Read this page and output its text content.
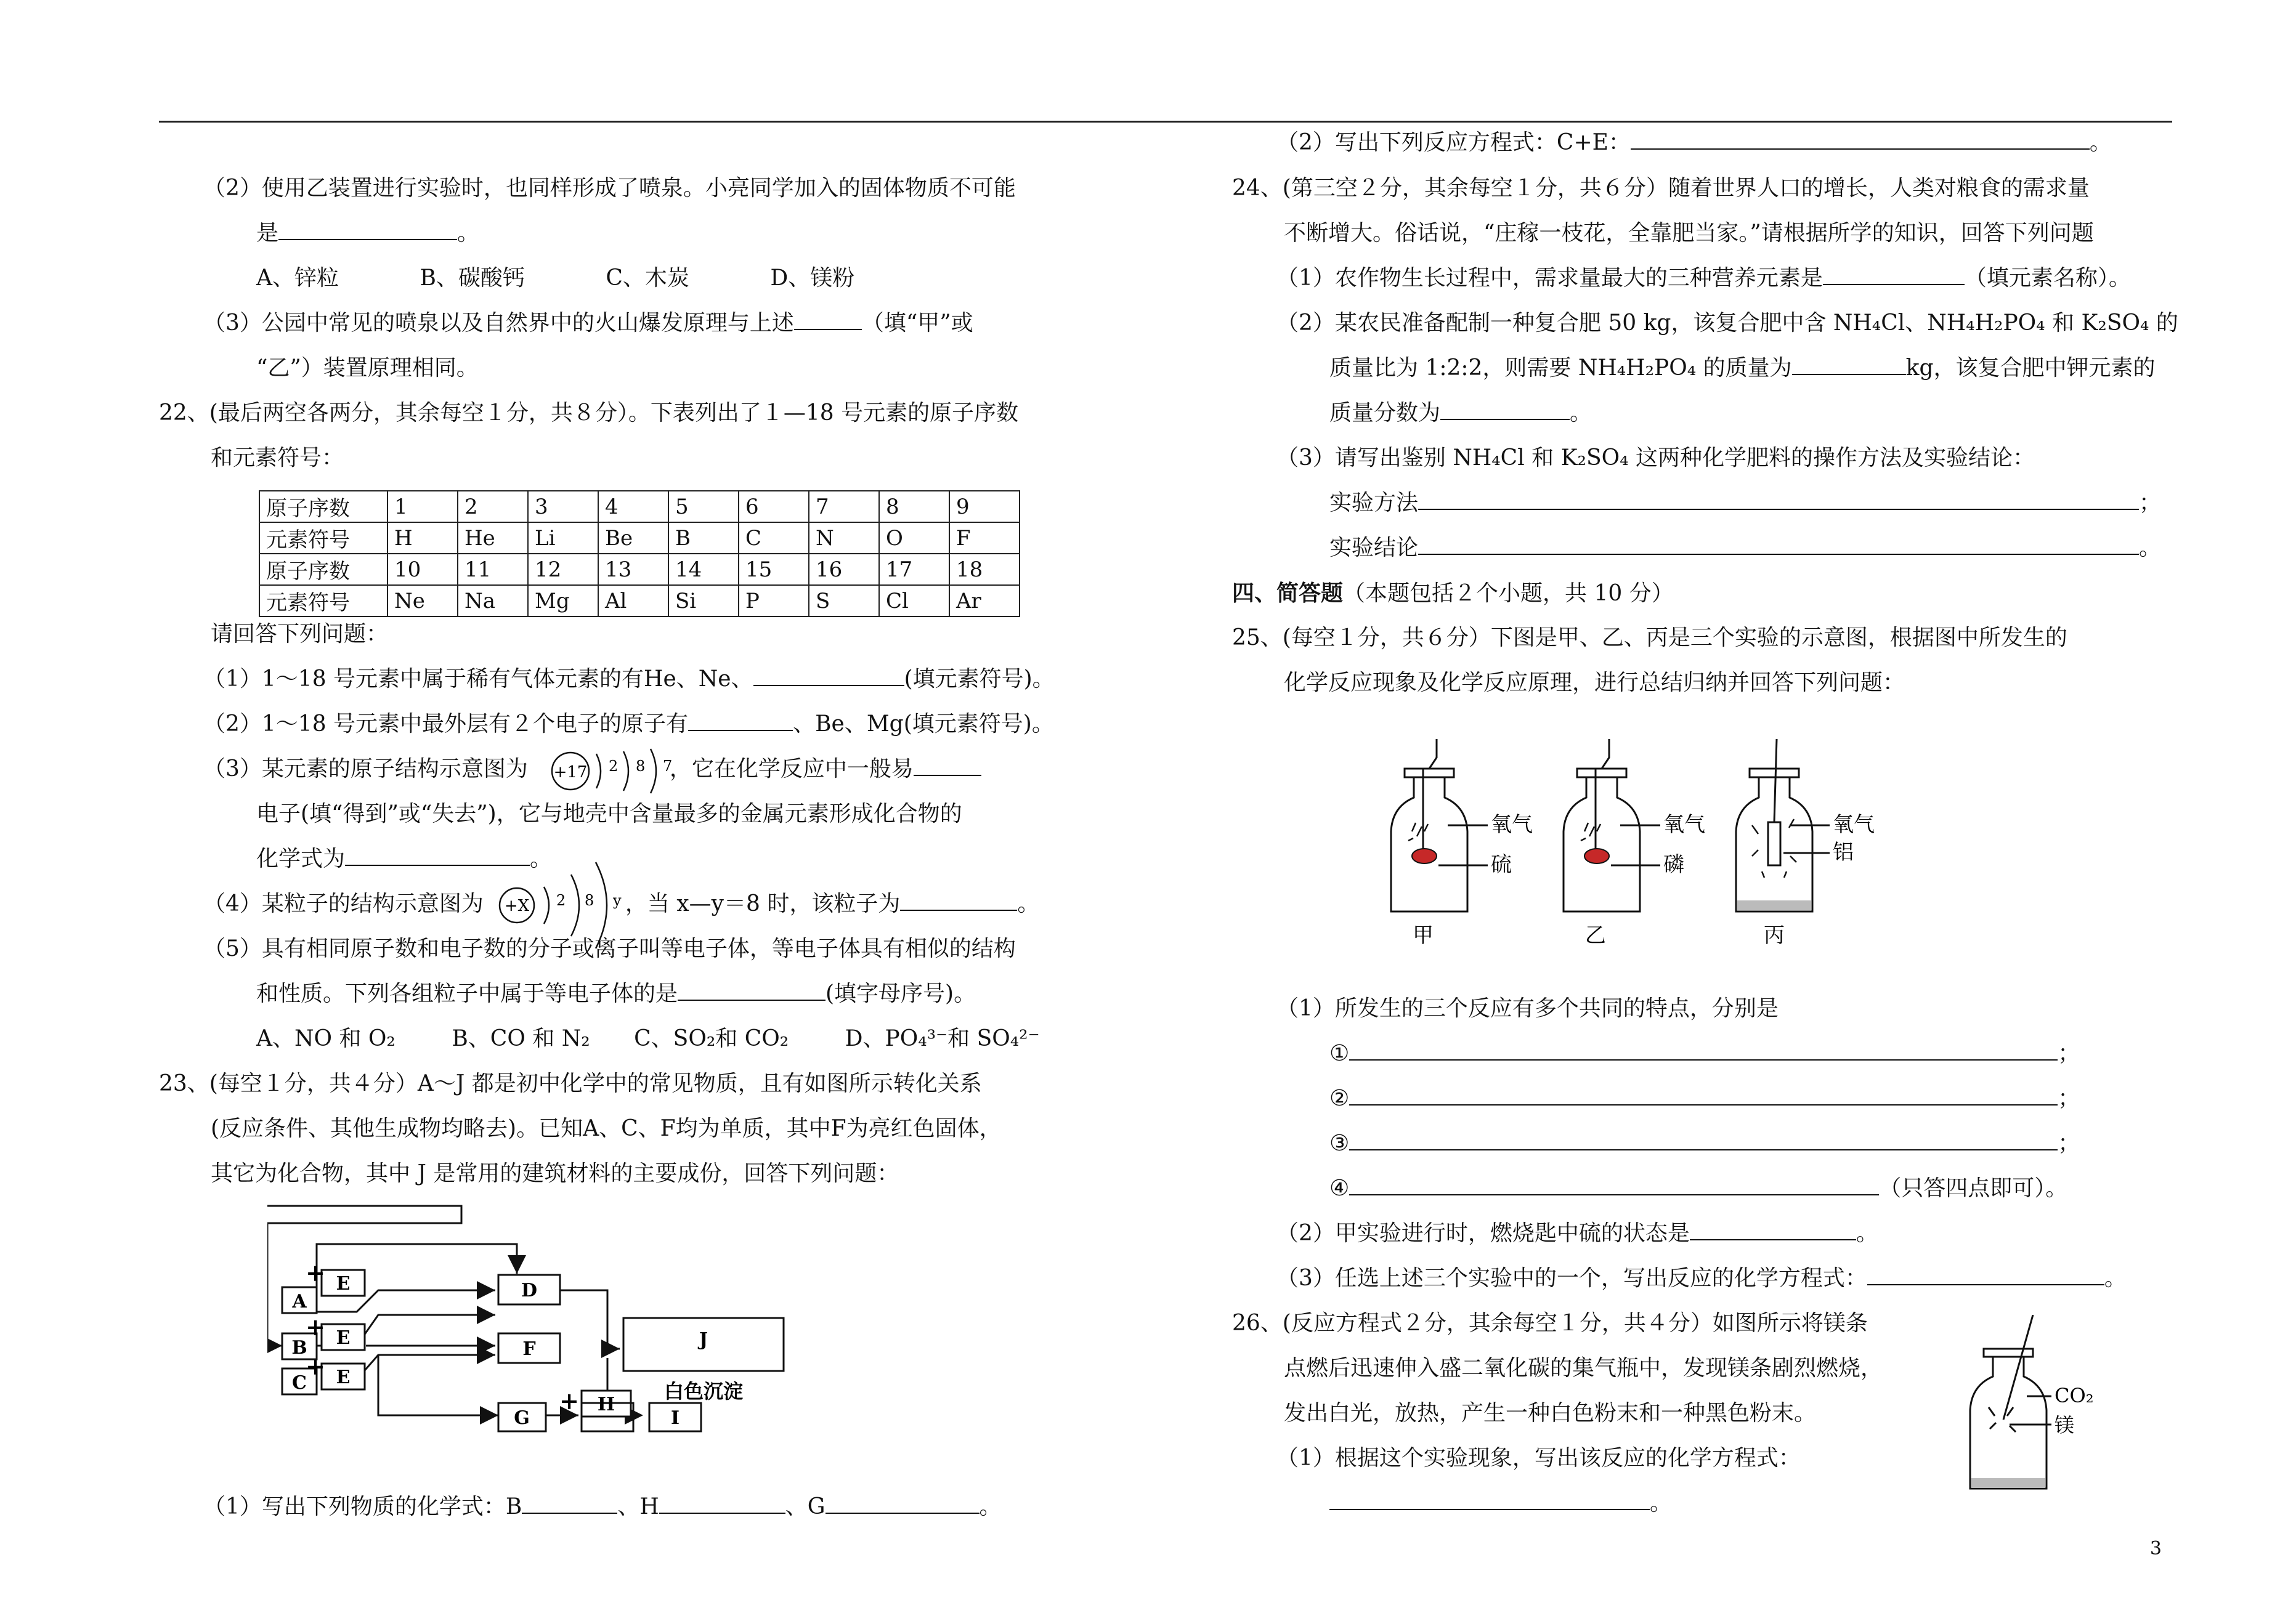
（2）使用乙装置进行实验时，也同样形成了喷泉。小亮同学加入的固体物质不可能
是	。
A、锌粒	B、碳酸钙	C、木炭	D、镁粉
（3）公园中常见的喷泉以及自然界中的火山爆发原理与上述	（填“甲”或
“乙”）装置原理相同。
22、(最后两空各两分，其余每空１分，共８分）。下表列出了１—18 号元素的原子序数
和元素符号：
原子序数	1	2	3	4	5	6	7	8	9
元素符号	H	He	Li	Be	B	C	N	O	F
原子序数	10	11	12	13	14	15	16	17	18
元素符号	Ne	Na	Mg	Al	Si	P	S	Cl	Ar
请回答下列问题：
（1）1～18 号元素中属于稀有气体元素的有He、Ne、	(填元素符号)。
（2）1～18 号元素中最外层有２个电子的原子有	、Be、Mg(填元素符号)。
（3）某元素的原子结构示意图为	，它在化学反应中一般易
+17 2 8 7
电子(填“得到”或“失去”)，它与地壳中含量最多的金属元素形成化合物的
化学式为	。
（4）某粒子的结构示意图为	，当 x—y＝8 时，该粒子为	。
+X 2 8 y
（5）具有相同原子数和电子数的分子或离子叫等电子体，等电子体具有相似的结构
和性质。下列各组粒子中属于等电子体的是	(填字母序号)。
A、NO 和 O₂	B、CO 和 N₂ C、SO₂和 CO₂	D、PO₄³⁻和 SO₄²⁻
23、(每空１分，共４分）A～J 都是初中化学中的常见物质，且有如图所示转化关系
(反应条件、其他生成物均略去)。已知A、C、F均为单质，其中F为亮红色固体，
其它为化合物，其中 J 是常用的建筑材料的主要成份，回答下列问题：
A
E
B E
C E
D
F
G
H
I
J
+
+
+
+	白色沉淀
（1）写出下列物质的化学式：B	、H	、G	。
（2）写出下列反应方程式：C+E：	。
24、(第三空２分，其余每空１分，共６分）随着世界人口的增长，人类对粮食的需求量
不断增大。俗话说，“庄稼一枝花，全靠肥当家。”请根据所学的知识，回答下列问题
（1）农作物生长过程中，需求量最大的三种营养元素是	（填元素名称）。
（2）某农民准备配制一种复合肥 50 kg，该复合肥中含 NH₄Cl、NH₄H₂PO₄ 和 K₂SO₄ 的
质量比为 1:2:2，则需要 NH₄H₂PO₄ 的质量为	kg，该复合肥中钾元素的
质量分数为	。
（3）请写出鉴别 NH₄Cl 和 K₂SO₄ 这两种化学肥料的操作方法及实验结论：
实验方法	；
实验结论	。
四、简答题（本题包括２个小题，共 10 分）
25、(每空１分，共６分）下图是甲、乙、丙是三个实验的示意图，根据图中所发生的
化学反应现象及化学反应原理，进行总结归纳并回答下列问题：
氧气
硫
甲
氧气
磷
乙
氧气
铝
丙
（1）所发生的三个反应有多个共同的特点，分别是
①	；
②	；
③	；
④	（只答四点即可）。
（2）甲实验进行时，燃烧匙中硫的状态是	。
（3）任选上述三个实验中的一个，写出反应的化学方程式：	。
26、(反应方程式２分，其余每空１分，共４分）如图所示将镁条
点燃后迅速伸入盛二氧化碳的集气瓶中，发现镁条剧烈燃烧，
发出白光，放热，产生一种白色粉末和一种黑色粉末。
（1）根据这个实验现象，写出该反应的化学方程式：
。
CO₂
镁
3
